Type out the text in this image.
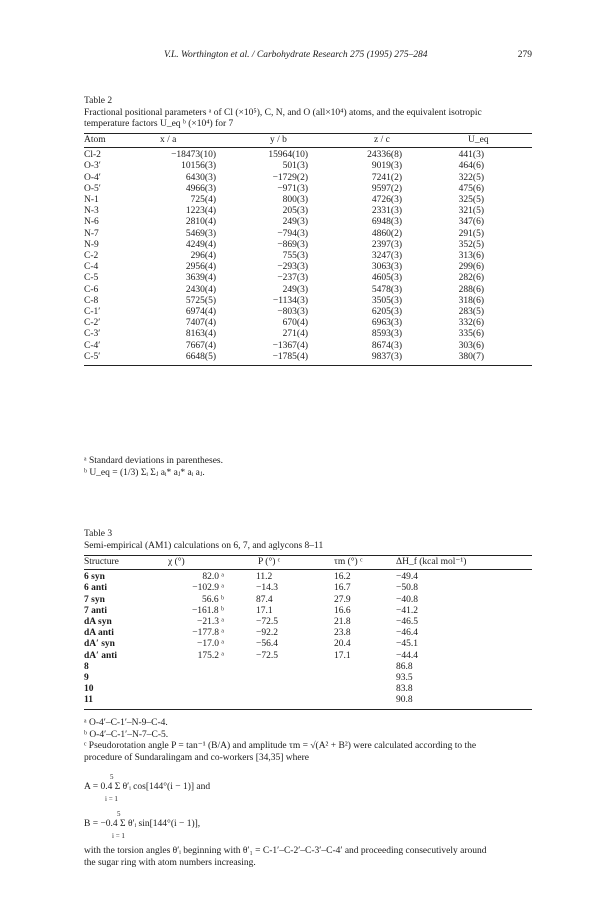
V.L. Worthington et al. / Carbohydrate Research 275 (1995) 275–284	279
Table 2
Fractional positional parameters ᵃ of Cl (×10⁵), C, N, and O (all×10⁴) atoms, and the equivalent isotropic
temperature factors U_eq ᵇ (×10⁴) for 7
Atom	x / a	y / b	z / c	U_eq
Cl-2	−18473(10)	15964(10)	24336(8)	441(3)
O-3′	10156(3)	501(3)	9019(3)	464(6)
O-4′	6430(3)	−1729(2)	7241(2)	322(5)
O-5′	4966(3)	−971(3)	9597(2)	475(6)
N-1	725(4)	800(3)	4726(3)	325(5)
N-3	1223(4)	205(3)	2331(3)	321(5)
N-6	2810(4)	249(3)	6948(3)	347(6)
N-7	5469(3)	−794(3)	4860(2)	291(5)
N-9	4249(4)	−869(3)	2397(3)	352(5)
C-2	296(4)	755(3)	3247(3)	313(6)
C-4	2956(4)	−293(3)	3063(3)	299(6)
C-5	3639(4)	−237(3)	4605(3)	282(6)
C-6	2430(4)	249(3)	5478(3)	288(6)
C-8	5725(5)	−1134(3)	3505(3)	318(6)
C-1′	6974(4)	−803(3)	6205(3)	283(5)
C-2′	7407(4)	670(4)	6963(3)	332(6)
C-3′	8163(4)	271(4)	8593(3)	335(6)
C-4′	7667(4)	−1367(4)	8674(3)	303(6)
C-5′	6648(5)	−1785(4)	9837(3)	380(7)
ᵃ Standard deviations in parentheses.
ᵇ U_eq = (1/3) Σᵢ Σⱼ aᵢ* aⱼ* aᵢ aⱼ.
Table 3
Semi-empirical (AM1) calculations on 6, 7, and aglycons 8–11
Structure	χ (°)	P (°) ᶜ	τm (°) ᶜ	ΔH_f (kcal mol⁻¹)
6 syn	82.0 ᵃ	11.2	16.2	−49.4
6 anti	−102.9 ᵃ	−14.3	16.7	−50.8
7 syn	56.6 ᵇ	87.4	27.9	−40.8
7 anti	−161.8 ᵇ	17.1	16.6	−41.2
dA syn	−21.3 ᵃ	−72.5	21.8	−46.5
dA anti	−177.8 ᵃ	−92.2	23.8	−46.4
dA′ syn	−17.0 ᵃ	−56.4	20.4	−45.1
dA′ anti	175.2 ᵃ	−72.5	17.1	−44.4
8				86.8
9				93.5
10				83.8
11				90.8
ᵃ O-4′–C-1′–N-9–C-4.
ᵇ O-4′–C-1′–N-7–C-5.
ᶜ Pseudorotation angle P = tan⁻¹ (B/A) and amplitude τm = √(A² + B²) were calculated according to the
procedure of Sundaralingam and co-workers [34,35] where
5
A = 0.4 Σ θ′ᵢ cos[144°(i − 1)] and
i = 1
5
B = −0.4 Σ θ′ᵢ sin[144°(i − 1)],
i = 1
with the torsion angles θ′ᵢ beginning with θ′₁ = C-1′–C-2′–C-3′–C-4′ and proceeding consecutively around
the sugar ring with atom numbers increasing.
